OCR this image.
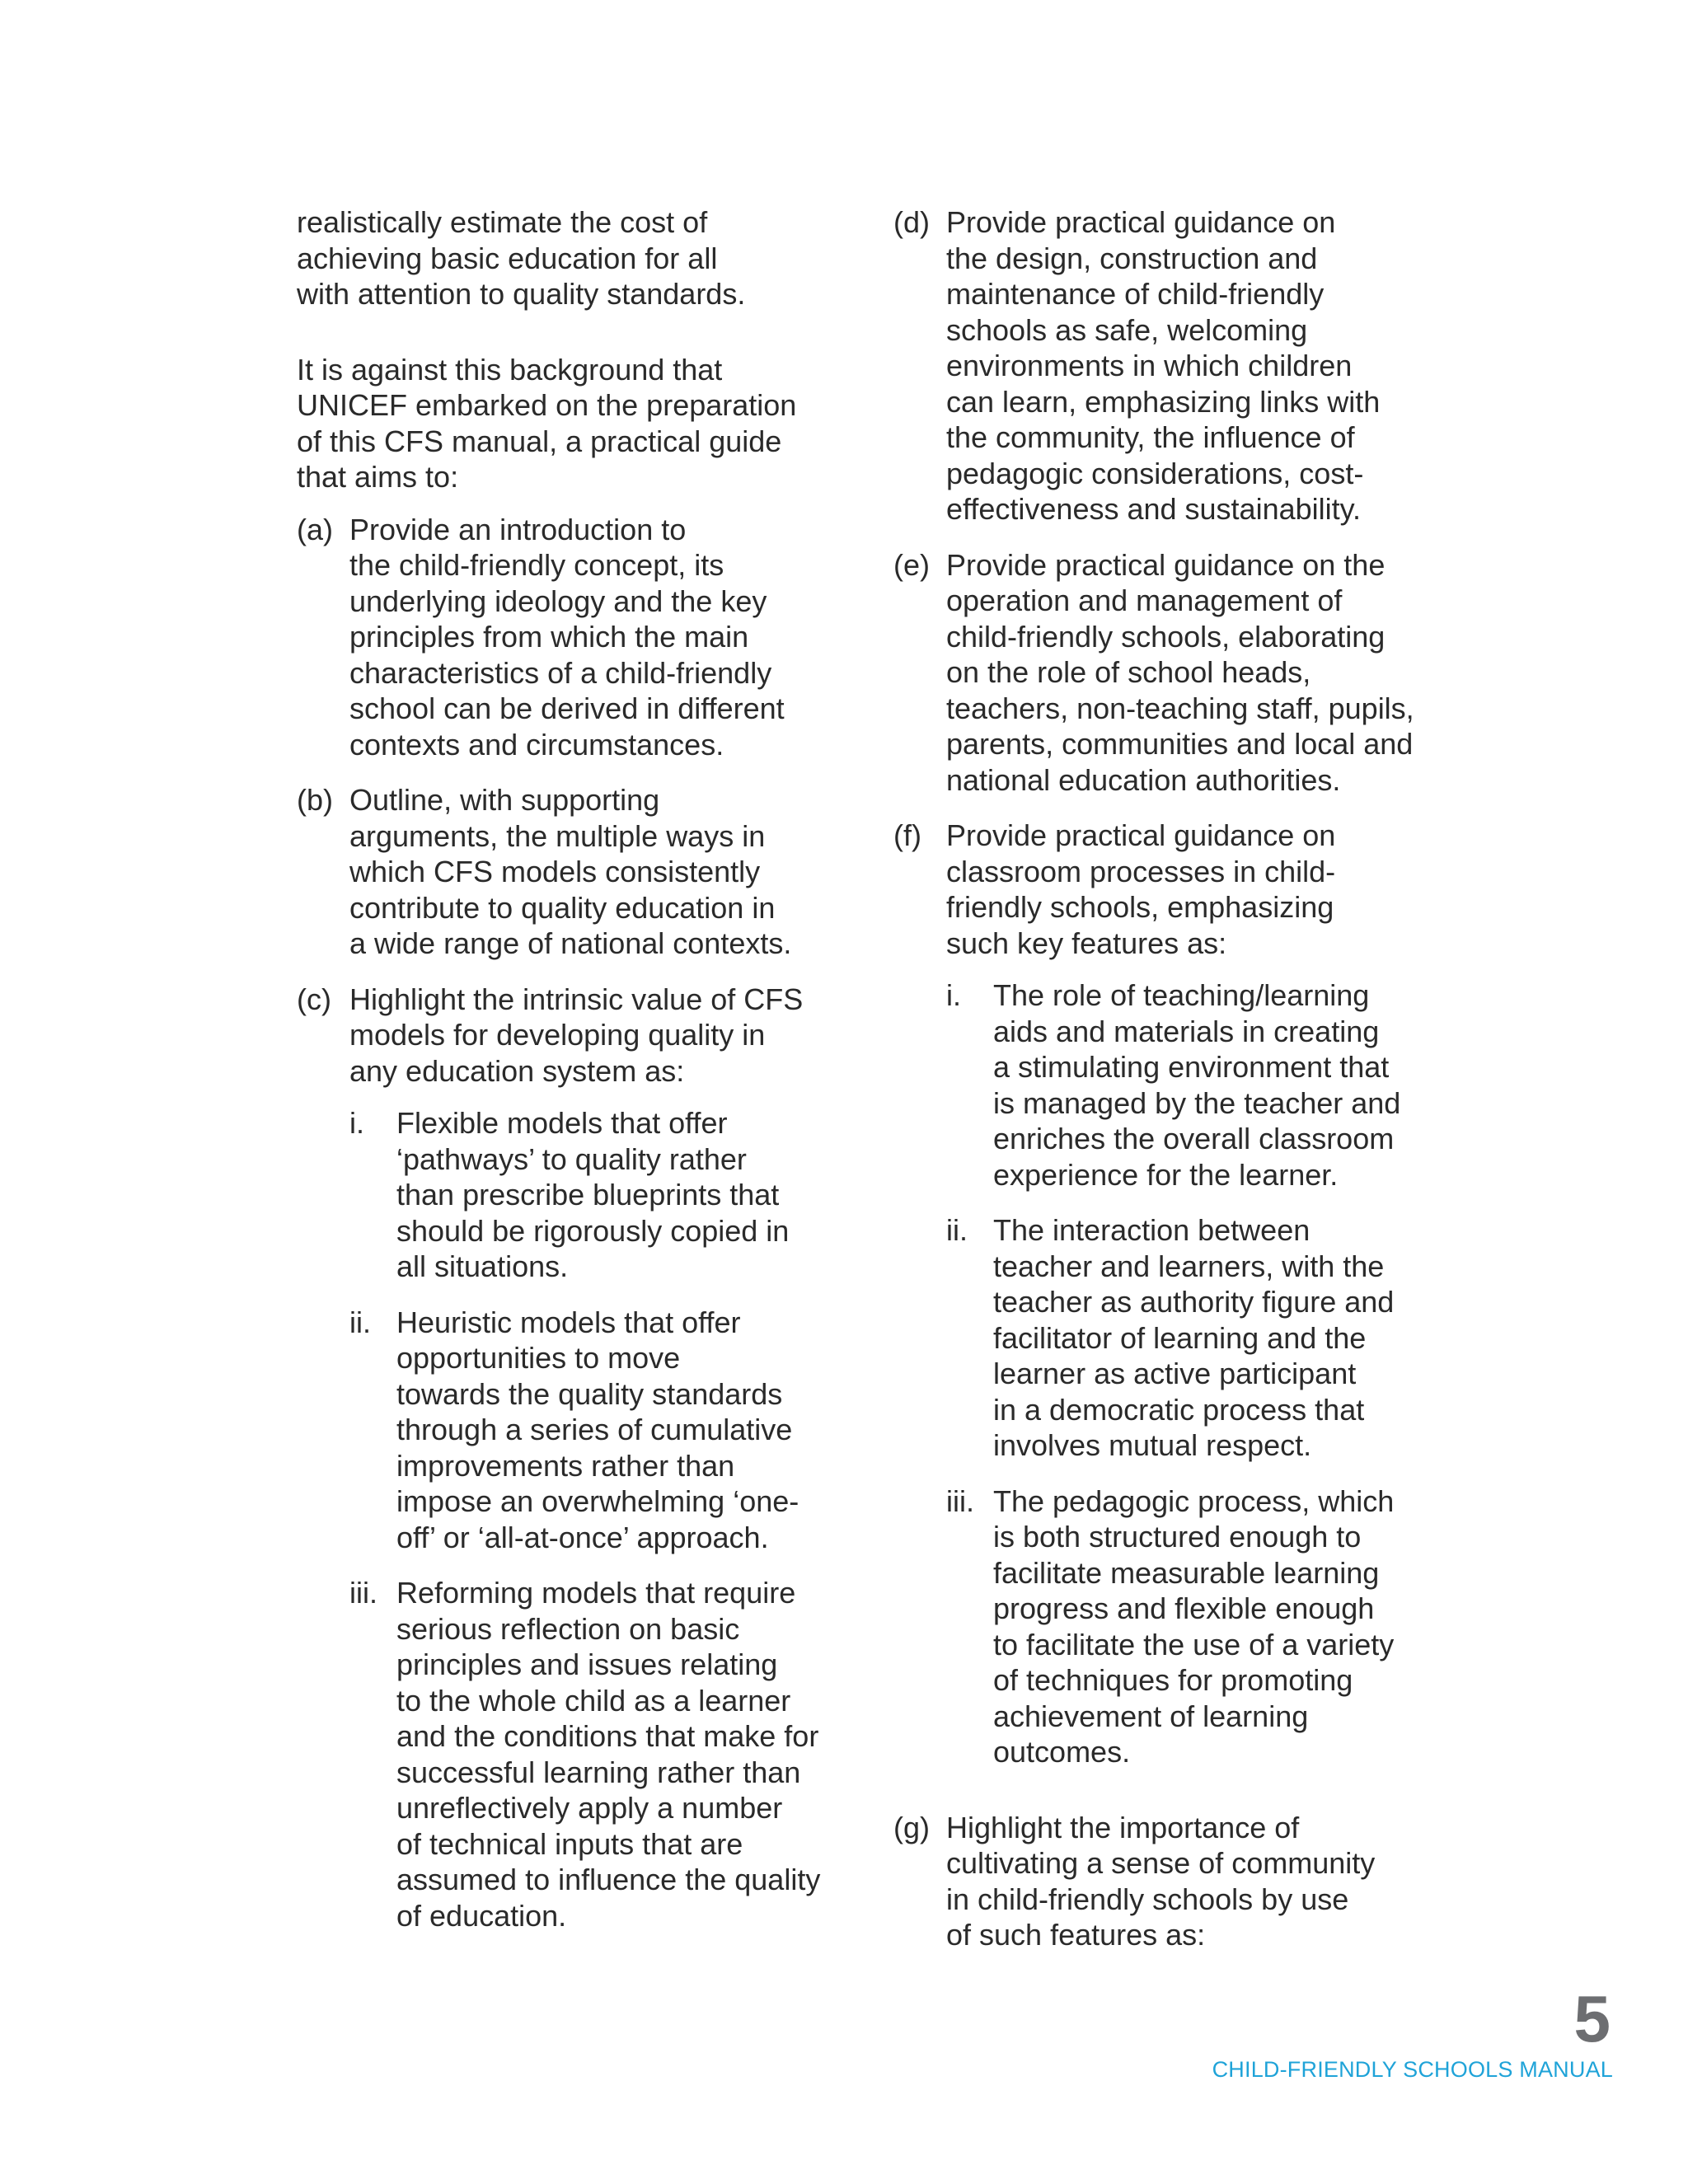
realistically estimate the cost of
achieving basic education for all
with attention to quality standards.

It is against this background that
UNICEF embarked on the preparation
of this CFS manual, a practical guide
that aims to:

(a) Provide an introduction to
the child-friendly concept, its
underlying ideology and the key
principles from which the main
characteristics of a child-friendly
school can be derived in different
contexts and circumstances.
(b) Outline, with supporting
arguments, the multiple ways in
which CFS models consistently
contribute to quality education in
a wide range of national contexts.
(c) Highlight the intrinsic value of CFS
models for developing quality in
any education system as:
i.	Flexible models that offer
‘pathways’ to quality rather
than prescribe blueprints that
should be rigorously copied in
all situations.
ii. Heuristic models that offer
opportunities to move
towards the quality standards
through a series of cumulative
improvements rather than
impose an overwhelming ‘one-
off’ or ‘all-at-once’ approach.
iii. Reforming models that require
serious reflection on basic
principles and issues relating
to the whole child as a learner
and the conditions that make for
successful learning rather than
unreflectively apply a number
of technical inputs that are
assumed to influence the quality
of education.
(d) Provide practical guidance on
the design, construction and
maintenance of child-friendly
schools as safe, welcoming
environments in which children
can learn, emphasizing links with
the community, the influence of
pedagogic considerations, cost-
effectiveness and sustainability.
(e) Provide practical guidance on the
operation and management of
child-friendly schools, elaborating
on the role of school heads,
teachers, non-teaching staff, pupils,
parents, communities and local and
national education authorities.
(f) Provide practical guidance on
classroom processes in child-
friendly schools, emphasizing
such key features as:
i.	The role of teaching/learning
aids and materials in creating
a stimulating environment that
is managed by the teacher and
enriches the overall classroom
experience for the learner.
ii. The interaction between
teacher and learners, with the
teacher as authority figure and
facilitator of learning and the
learner as active participant
in a democratic process that
involves mutual respect.
iii. The pedagogic process, which
is both structured enough to
facilitate measurable learning
progress and flexible enough
to facilitate the use of a variety
of techniques for promoting
achievement of learning
outcomes.
(g) Highlight the importance of
cultivating a sense of community
in child-friendly schools by use
of such features as:
5
CHILD-FRIENDLY SCHOOLS MANUAL
